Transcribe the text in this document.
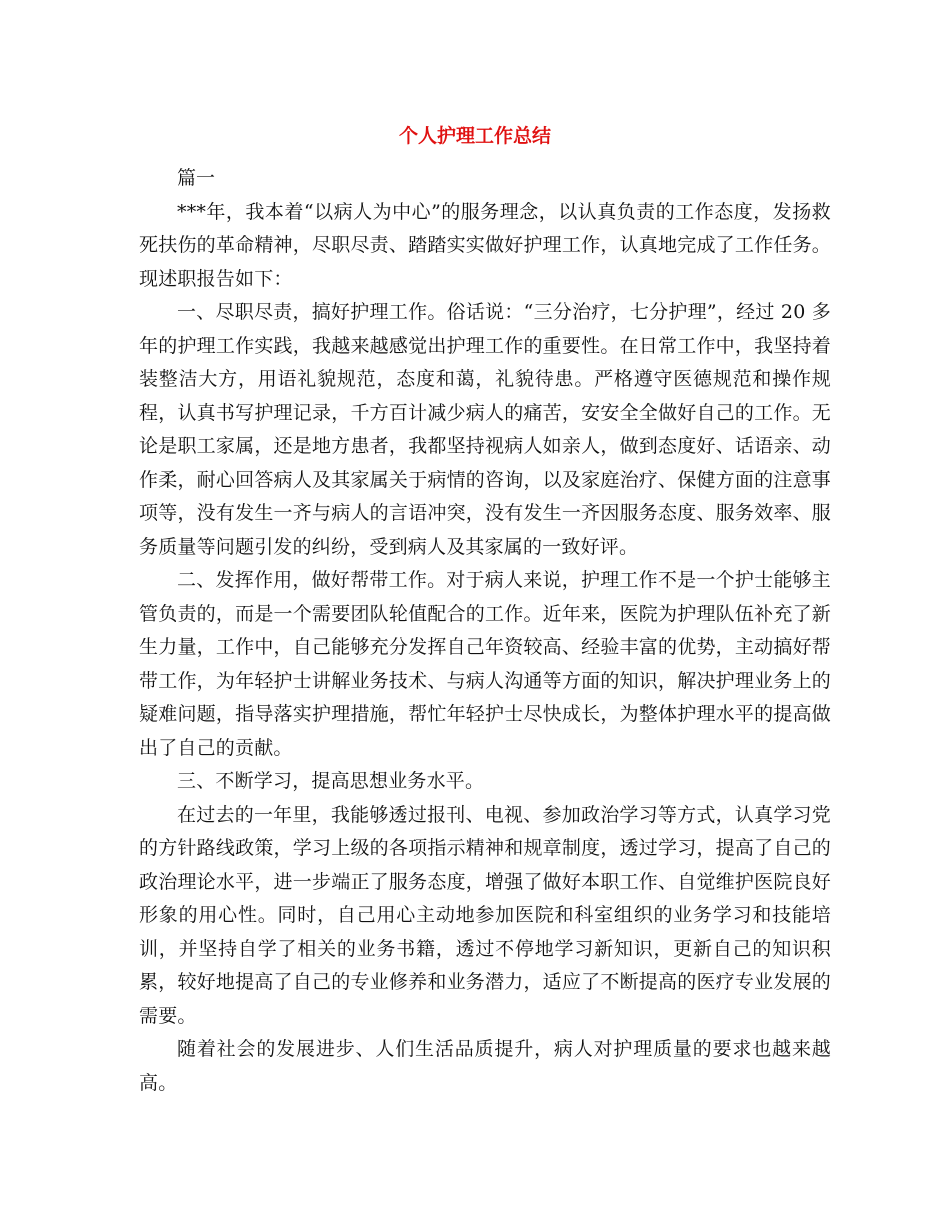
个人护理工作总结

篇一

***年，我本着“以病人为中心”的服务理念，以认真负责的工作态度，发扬救死扶伤的革命精神，尽职尽责、踏踏实实做好护理工作，认真地完成了工作任务。现述职报告如下：

一、尽职尽责，搞好护理工作。俗话说：“三分治疗，七分护理”，经过 20 多年的护理工作实践，我越来越感觉出护理工作的重要性。在日常工作中，我坚持着装整洁大方，用语礼貌规范，态度和蔼，礼貌待患。严格遵守医德规范和操作规程，认真书写护理记录，千方百计减少病人的痛苦，安安全全做好自己的工作。无论是职工家属，还是地方患者，我都坚持视病人如亲人，做到态度好、话语亲、动作柔，耐心回答病人及其家属关于病情的咨询，以及家庭治疗、保健方面的注意事项等，没有发生一齐与病人的言语冲突，没有发生一齐因服务态度、服务效率、服务质量等问题引发的纠纷，受到病人及其家属的一致好评。

二、发挥作用，做好帮带工作。对于病人来说，护理工作不是一个护士能够主管负责的，而是一个需要团队轮值配合的工作。近年来，医院为护理队伍补充了新生力量，工作中，自己能够充分发挥自己年资较高、经验丰富的优势，主动搞好帮带工作，为年轻护士讲解业务技术、与病人沟通等方面的知识，解决护理业务上的疑难问题，指导落实护理措施，帮忙年轻护士尽快成长，为整体护理水平的提高做出了自己的贡献。

三、不断学习，提高思想业务水平。

在过去的一年里，我能够透过报刊、电视、参加政治学习等方式，认真学习党的方针路线政策，学习上级的各项指示精神和规章制度，透过学习，提高了自己的政治理论水平，进一步端正了服务态度，增强了做好本职工作、自觉维护医院良好形象的用心性。同时，自己用心主动地参加医院和科室组织的业务学习和技能培训，并坚持自学了相关的业务书籍，透过不停地学习新知识，更新自己的知识积累，较好地提高了自己的专业修养和业务潜力，适应了不断提高的医疗专业发展的需要。

随着社会的发展进步、人们生活品质提升，病人对护理质量的要求也越来越高。
